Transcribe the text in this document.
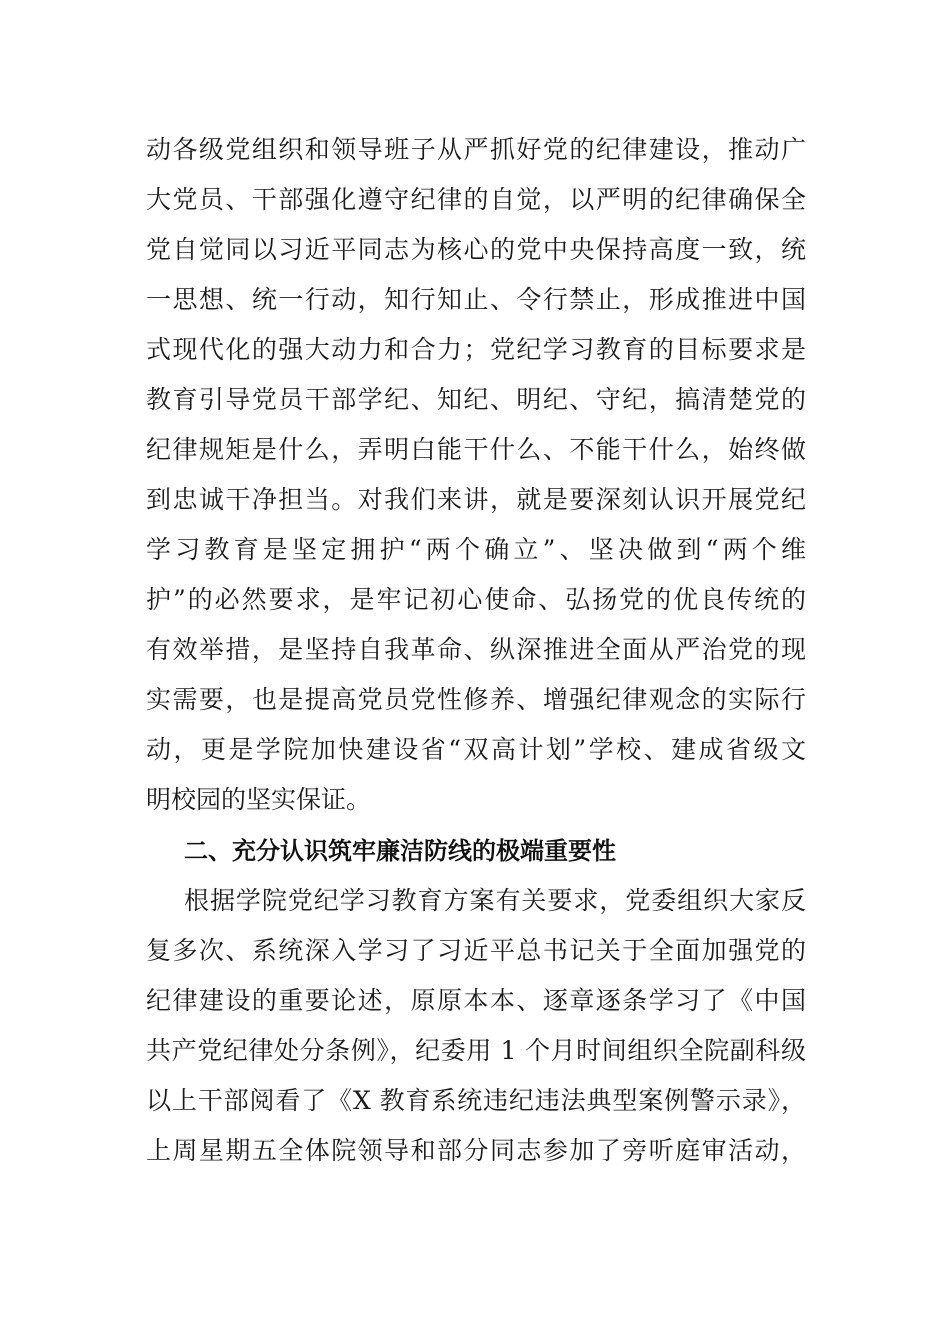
动各级党组织和领导班子从严抓好党的纪律建设，推动广
大党员、干部强化遵守纪律的自觉，以严明的纪律确保全
党自觉同以习近平同志为核心的党中央保持高度一致，统
一思想、统一行动，知行知止、令行禁止，形成推进中国
式现代化的强大动力和合力；党纪学习教育的目标要求是
教育引导党员干部学纪、知纪、明纪、守纪，搞清楚党的
纪律规矩是什么，弄明白能干什么、不能干什么，始终做
到忠诚干净担当。对我们来讲，就是要深刻认识开展党纪
学习教育是坚定拥护“两个确立”、坚决做到“两个维
护”的必然要求，是牢记初心使命、弘扬党的优良传统的
有效举措，是坚持自我革命、纵深推进全面从严治党的现
实需要，也是提高党员党性修养、增强纪律观念的实际行
动，更是学院加快建设省“双高计划”学校、建成省级文
明校园的坚实保证。
二、充分认识筑牢廉洁防线的极端重要性
根据学院党纪学习教育方案有关要求，党委组织大家反
复多次、系统深入学习了习近平总书记关于全面加强党的
纪律建设的重要论述，原原本本、逐章逐条学习了《中国
共产党纪律处分条例》，纪委用 1 个月时间组织全院副科级
以上干部阅看了《X 教育系统违纪违法典型案例警示录》，
上周星期五全体院领导和部分同志参加了旁听庭审活动，
